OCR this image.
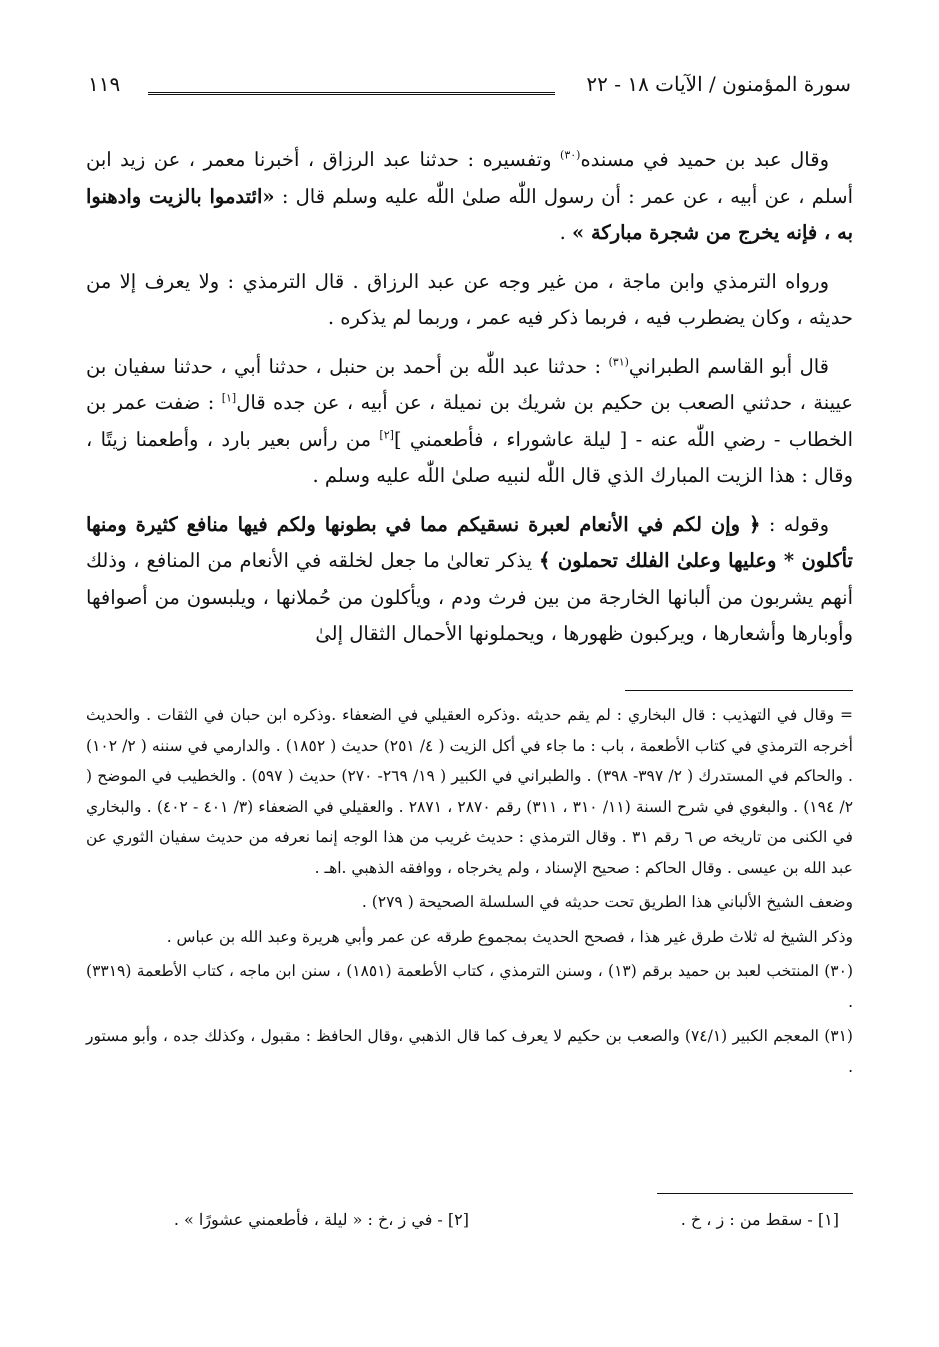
سورة المؤمنون / الآيات ١٨ - ٢٢
١١٩

وقال عبد بن حميد في مسنده$^{(٣٠)}$ وتفسيره : حدثنا عبد الرزاق ، أخبرنا معمر ، عن زيد ابن أسلم ، عن أبيه ، عن عمر : أن رسول اللّٰه صلىٰ اللّٰه عليه وسلم قال : «ائتدموا بالزيت وادهنوا به ، فإنه يخرج من شجرة مباركة » .

ورواه الترمذي وابن ماجة ، من غير وجه عن عبد الرزاق . قال الترمذي : ولا يعرف إلا من حديثه ، وكان يضطرب فيه ، فربما ذكر فيه عمر ، وربما لم يذكره .

قال أبو القاسم الطبراني$^{(٣١)}$ : حدثنا عبد اللّٰه بن أحمد بن حنبل ، حدثنا أبي ، حدثنا سفيان بن عيينة ، حدثني الصعب بن حكيم بن شريك بن نميلة ، عن أبيه ، عن جده قال[١] : ضفت عمر بن الخطاب - رضي اللّٰه عنه - [ ليلة عاشوراء ، فأطعمني ][٢] من رأس بعير بارد ، وأطعمنا زيتًا ، وقال : هذا الزيت المبارك الذي قال اللّٰه لنبيه صلىٰ اللّٰه عليه وسلم .

وقوله : ﴿ وإن لكم في الأنعام لعبرة نسقيكم مما في بطونها ولكم فيها منافع كثيرة ومنها تأكلون * وعليها وعلىٰ الفلك تحملون ﴾ يذكر تعالىٰ ما جعل لخلقه في الأنعام من المنافع ، وذلك أنهم يشربون من ألبانها الخارجة من بين فرث ودم ، ويأكلون من حُملانها ، ويلبسون من أصوافها وأوبارها وأشعارها ، ويركبون ظهورها ، ويحملونها الأحمال الثقال إلىٰ

= وقال في التهذيب : قال البخاري : لم يقم حديثه .وذكره العقيلي في الضعفاء .وذكره ابن حبان في الثقات . والحديث أخرجه الترمذي في كتاب الأطعمة ، باب : ما جاء في أكل الزيت ( ٤/ ٢٥١) حديث ( ١٨٥٢) . والدارمي في سننه ( ٢/ ١٠٢) . والحاكم في المستدرك ( ٢/ ٣٩٧- ٣٩٨) . والطبراني في الكبير ( ١٩/ ٢٦٩- ٢٧٠) حديث ( ٥٩٧) . والخطيب في الموضح ( ٢/ ١٩٤) . والبغوي في شرح السنة (١١/ ٣١٠ ، ٣١١) رقم ٢٨٧٠ ، ٢٨٧١ . والعقيلي في الضعفاء (٣/ ٤٠١ - ٤٠٢) . والبخاري في الكنى من تاريخه ص ٦ رقم ٣١ . وقال الترمذي : حديث غريب من هذا الوجه إنما نعرفه من حديث سفيان الثوري عن عبد الله بن عيسى . وقال الحاكم : صحيح الإسناد ، ولم يخرجاه ، ووافقه الذهبي .اهـ .

وضعف الشيخ الألباني هذا الطريق تحت حديثه في السلسلة الصحيحة ( ٢٧٩) .

وذكر الشيخ له ثلاث طرق غير هذا ، فصحح الحديث بمجموع طرقه عن عمر وأبي هريرة وعبد الله بن عباس .

(٣٠) المنتخب لعبد بن حميد برقم (١٣) ، وسنن الترمذي ، كتاب الأطعمة (١٨٥١) ، سنن ابن ماجه ، كتاب الأطعمة (٣٣١٩) .

(٣١) المعجم الكبير (٧٤/١) والصعب بن حكيم لا يعرف كما قال الذهبي ،وقال الحافظ : مقبول ، وكذلك جده ، وأبو مستور .

[١] - سقط من : ز ، خ .
[٢] - في ز ،خ : « ليلة ، فأطعمني عشورًا » .
